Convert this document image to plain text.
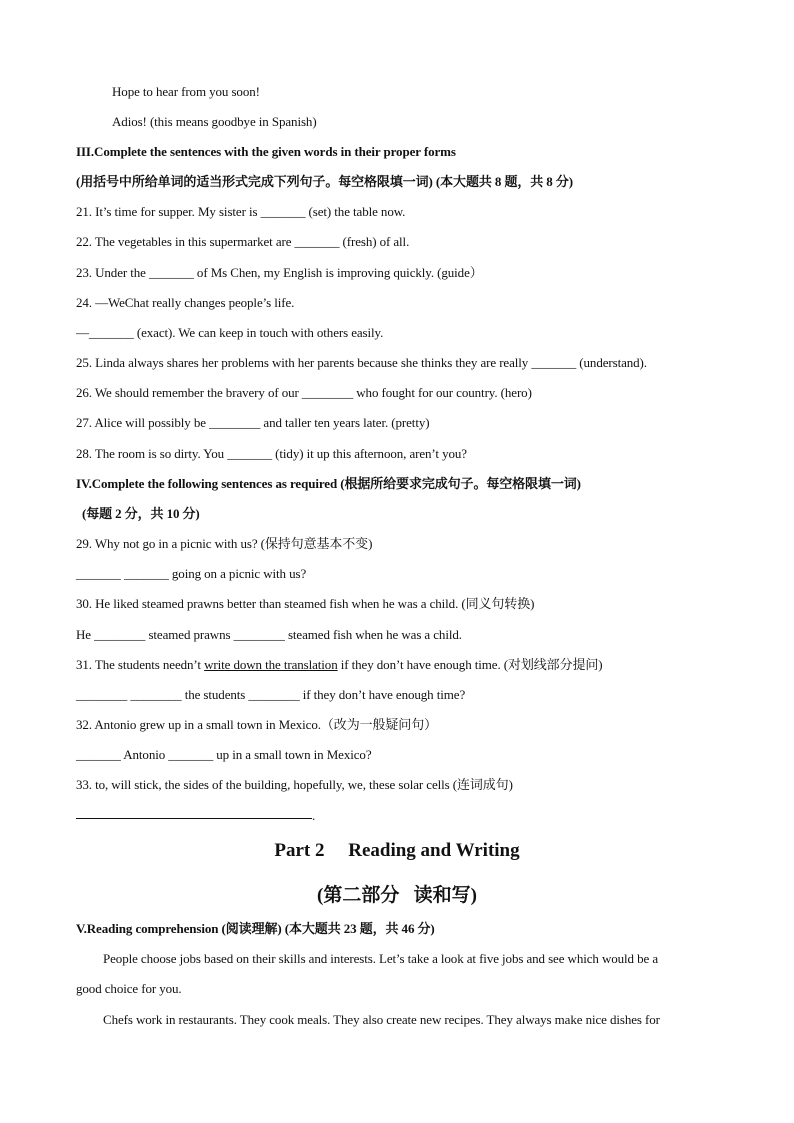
Hope to hear from you soon!
Adios! (this means goodbye in Spanish)
III.Complete the sentences with the given words in their proper forms
(用括号中所给单词的适当形式完成下列句子。每空格限填一词) (本大题共 8 题，共 8 分)
21. It’s time for supper. My sister is _______ (set) the table now.
22. The vegetables in this supermarket are _______ (fresh) of all.
23. Under the _______ of Ms Chen, my English is improving quickly. (guide）
24. —WeChat really changes people’s life.
—_______ (exact). We can keep in touch with others easily.
25. Linda always shares her problems with her parents because she thinks they are really _______ (understand).
26. We should remember the bravery of our ________ who fought for our country. (hero)
27. Alice will possibly be ________ and taller ten years later. (pretty)
28. The room is so dirty. You _______ (tidy) it up this afternoon, aren’t you?
IV.Complete the following sentences as required (根据所给要求完成句子。每空格限填一词)
(每题 2 分，共 10 分)
29. Why not go in a picnic with us? (保持句意基本不变)
_______ _______ going on a picnic with us?
30. He liked steamed prawns better than steamed fish when he was a child. (同义句转换)
He ________ steamed prawns ________ steamed fish when he was a child.
31. The students needn’t write down the translation if they don’t have enough time. (对划线部分提问)
________ ________ the students ________ if they don’t have enough time?
32. Antonio grew up in a small town in Mexico.（改为一般疑问句）
_______ Antonio _______ up in a small town in Mexico?
33. to, will stick, the sides of the building, hopefully, we, these solar cells (连词成句)
.
Part 2     Reading and Writing
(第二部分   读和写)
V.Reading comprehension (阅读理解) (本大题共 23 题，共 46 分)
People choose jobs based on their skills and interests. Let’s take a look at five jobs and see which would be a
good choice for you.
Chefs work in restaurants. They cook meals. They also create new recipes. They always make nice dishes for
